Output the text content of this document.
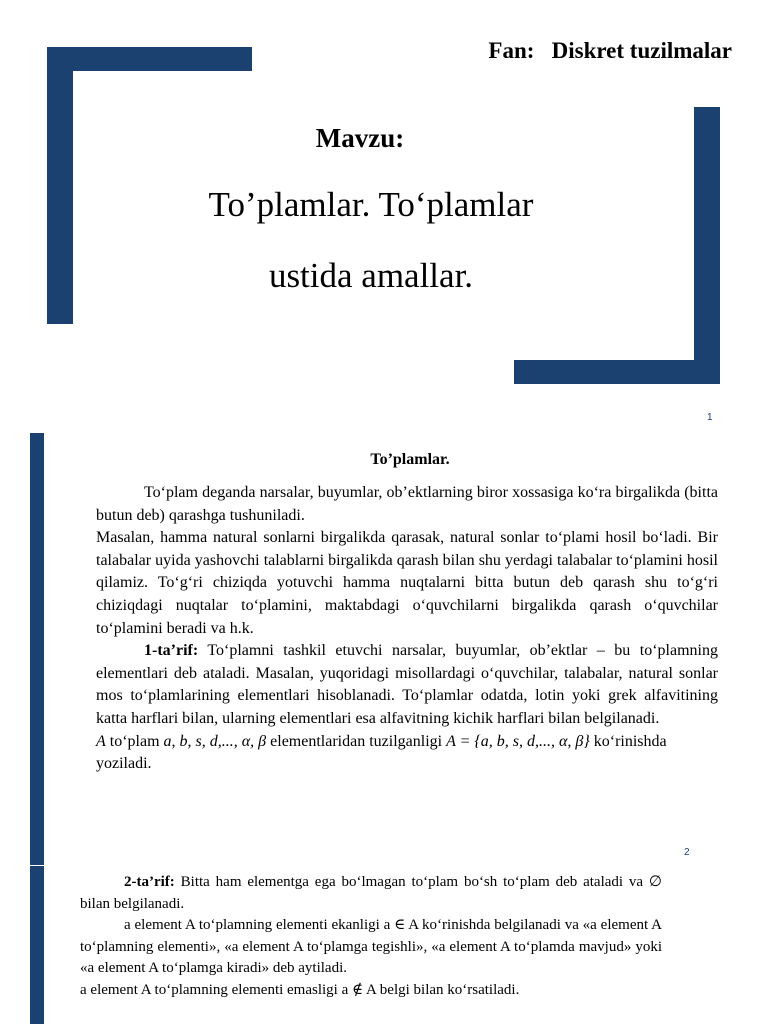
Fan:   Diskret tuzilmalar
Mavzu:
To’plamlar. To‘plamlar
ustida amallar.
1
To’plamlar.

To‘plam deganda narsalar, buyumlar, ob’ektlarning biror xossasiga ko‘ra birgalikda (bitta butun deb) qarashga tushuniladi.

Masalan, hamma natural sonlarni birgalikda qarasak, natural sonlar to‘plami hosil bo‘ladi. Bir talabalar uyida yashovchi talablarni birgalikda qarash bilan shu yerdagi talabalar to‘plamini hosil qilamiz. To‘g‘ri chiziqda yotuvchi hamma nuqtalarni bitta butun deb qarash shu to‘g‘ri chiziqdagi nuqtalar to‘plamini, maktabdagi o‘quvchilarni birgalikda qarash o‘quvchilar to‘plamini beradi va h.k.

1-ta’rif: To‘plamni tashkil etuvchi narsalar, buyumlar, ob’ektlar – bu to‘plamning elementlari deb ataladi. Masalan, yuqoridagi misollardagi o‘quvchilar, talabalar, natural sonlar mos to‘plamlarining elementlari hisoblanadi. To‘plamlar odatda, lotin yoki grek alfavitining katta harflari bilan, ularning elementlari esa alfavitning kichik harflari bilan belgilanadi.

A to‘plam a, b, s, d,..., α, β elementlaridan tuzilganligi A = {a, b, s, d,..., α, β} ko‘rinishda yoziladi.

2

2-ta’rif: Bitta ham elementga ega bo‘lmagan to‘plam bo‘sh to‘plam deb ataladi va ∅ bilan belgilanadi.

a element A to‘plamning elementi ekanligi a ∈ A ko‘rinishda belgilanadi va «a element A to‘plamning elementi», «a element A to‘plamga tegishli», «a element A to‘plamda mavjud» yoki «a element A to‘plamga kiradi» deb aytiladi.

a element A to‘plamning elementi emasligi a ∉ A belgi bilan ko‘rsatiladi.
